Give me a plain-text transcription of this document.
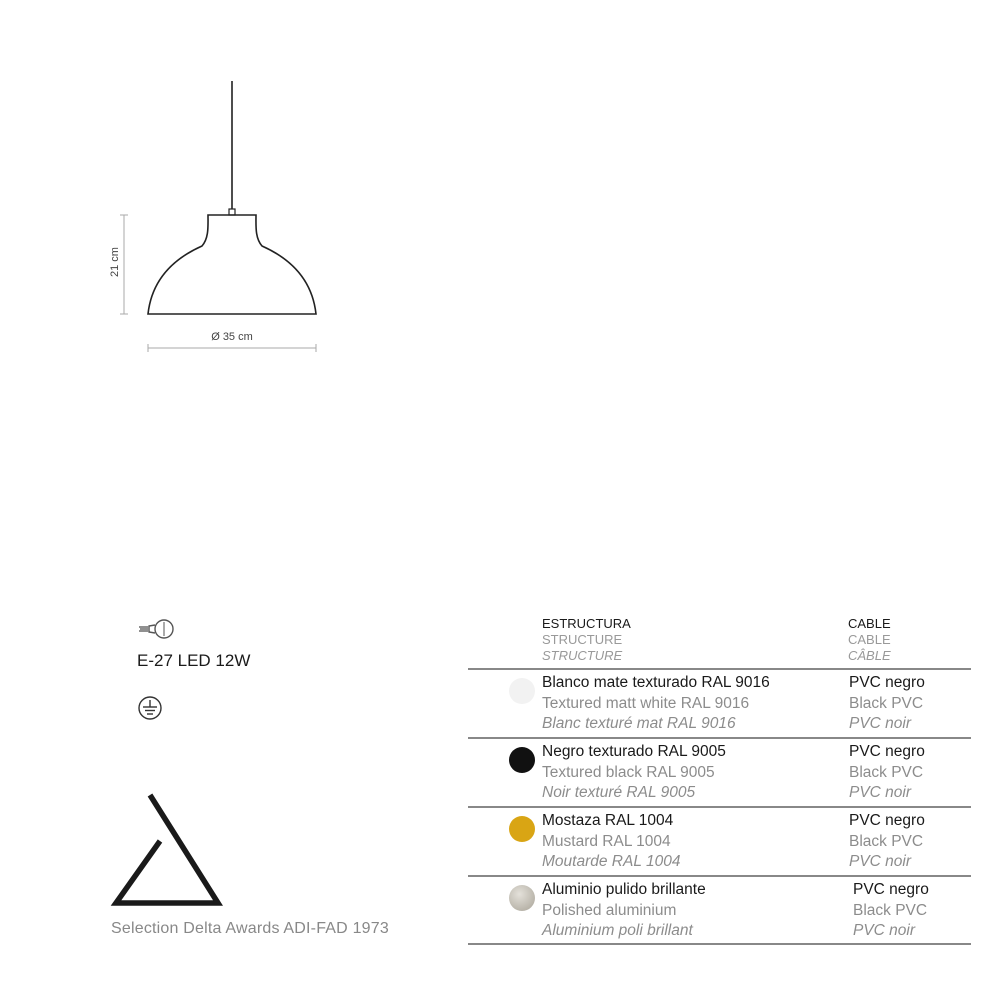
21 cm
Ø 35 cm
E-27 LED 12W
Selection Delta Awards ADI-FAD 1973
ESTRUCTURA
STRUCTURE
STRUCTURE
CABLE
CABLE
CÂBLE
Blanco mate texturado RAL 9016
Textured matt white RAL 9016
Blanc texturé mat RAL 9016
PVC negro
Black PVC
PVC noir
Negro texturado RAL 9005
Textured black RAL 9005
Noir texturé RAL 9005
PVC negro
Black PVC
PVC noir
Mostaza RAL 1004
Mustard RAL 1004
Moutarde RAL 1004
PVC negro
Black PVC
PVC noir
Aluminio pulido brillante
Polished aluminium
Aluminium poli brillant
PVC negro
Black PVC
PVC noir
